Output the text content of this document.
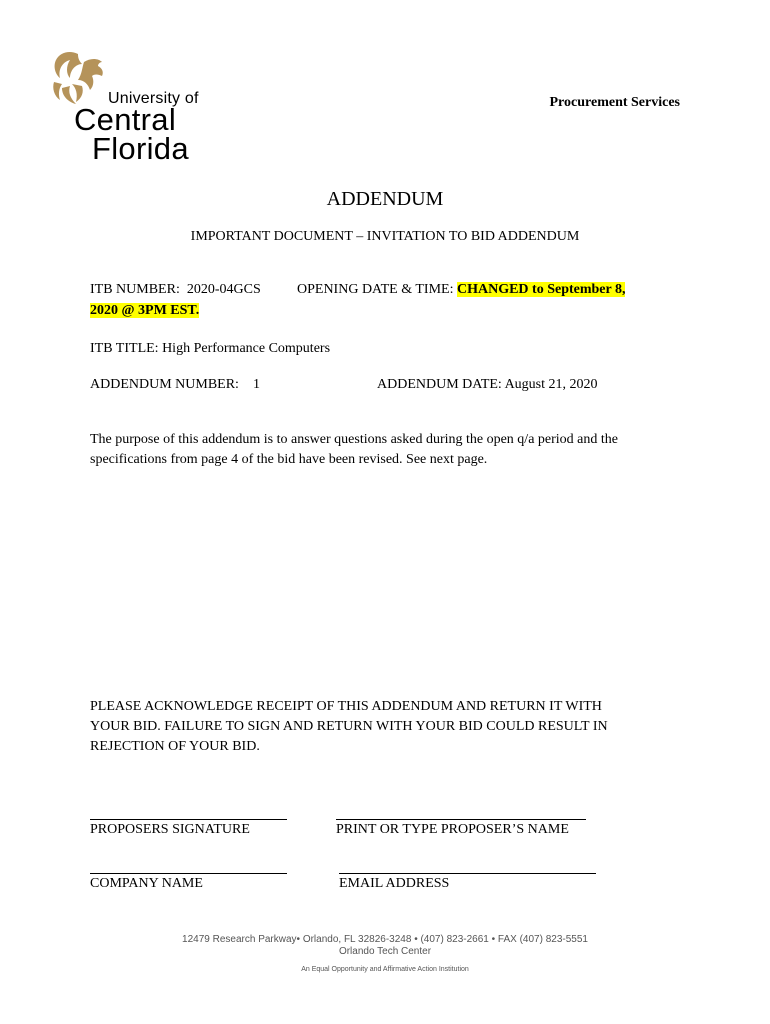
University of
Central
Florida
Procurement Services
ADDENDUM
IMPORTANT DOCUMENT – INVITATION TO BID ADDENDUM
ITB NUMBER: 2020-04GCS	OPENING DATE & TIME: CHANGED to September 8,
2020 @ 3PM EST.
ITB TITLE: High Performance Computers
ADDENDUM NUMBER: 1	ADDENDUM DATE: August 21, 2020
The purpose of this addendum is to answer questions asked during the open q/a period and the
specifications from page 4 of the bid have been revised. See next page.
PLEASE ACKNOWLEDGE RECEIPT OF THIS ADDENDUM AND RETURN IT WITH
YOUR BID. FAILURE TO SIGN AND RETURN WITH YOUR BID COULD RESULT IN
REJECTION OF YOUR BID.
PROPOSERS SIGNATURE	PRINT OR TYPE PROPOSER’S NAME
COMPANY NAME	EMAIL ADDRESS
12479 Research Parkway• Orlando, FL 32826-3248 • (407) 823-2661 • FAX (407) 823-5551
Orlando Tech Center
An Equal Opportunity and Affirmative Action Institution
